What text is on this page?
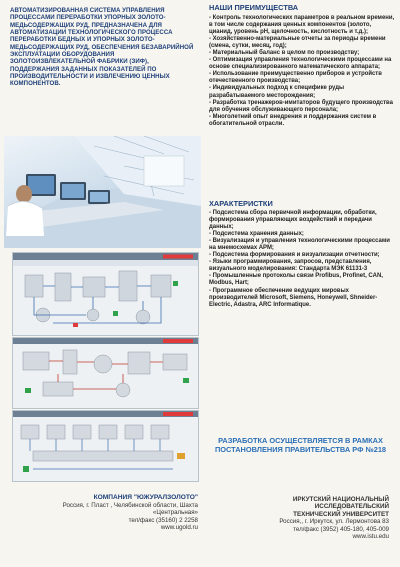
АВТОМАТИЗИРОВАННАЯ СИСТЕМА УПРАВЛЕНИЯ ПРОЦЕССАМИ ПЕРЕРАБОТКИ УПОРНЫХ ЗОЛОТО-МЕДЬСОДЕРЖАЩИХ РУД, ПРЕДНАЗНАЧЕНА ДЛЯ АВТОМАТИЗАЦИИ ТЕХНОЛОГИЧЕСКОГО ПРОЦЕССА ПЕРЕРАБОТКИ БЕДНЫХ И УПОРНЫХ ЗОЛОТО-МЕДЬСОДЕРЖАЩИХ РУД, ОБЕСПЕЧЕНИЯ БЕЗАВАРИЙНОЙ ЭКСПЛУАТАЦИИ ОБОРУДОВАНИЯ ЗОЛОТОИЗВЛЕКАТЕЛЬНОЙ ФАБРИКИ (ЗИФ), ПОДДЕРЖАНИЯ ЗАДАННЫХ ПОКАЗАТЕЛЕЙ ПО ПРОИЗВОДИТЕЛЬНОСТИ И ИЗВЛЕЧЕНИЮ ЦЕННЫХ КОМПОНЕНТОВ.
КОМПАНИЯ "ЮЖУРАЛЗОЛОТО"
Россия, г. Пласт , Челябинской области, Шахта
«Центральная»
тел/факс (35160) 2 2258
www.ugold.ru
НАШИ ПРЕИМУЩЕСТВА
- Контроль технологических параметров в реальном времени, в том числе содержания ценных компонентов (золото, цианид, уровень pH, щелочность, кислотность и т.д.);
- Хозяйственно-материальные отчеты за периоды времени (смена, сутки, месяц, год);
- Материальный баланс в целом по производству;
- Оптимизация управления технологическими процессами на основе специализированного математического аппарата;
- Использование преимущественно приборов и устройств отечественного производства;
- Индивидуальных подход к специфике руды разрабатываемого месторождения;
- Разработка тренажеров-имитаторов будущего производства для обучения обслуживающего персонала;
- Многолетний опыт внедрения и поддержания систем в обогатительной отрасли.
ХАРАКТЕРИСТКИ
- Подсистема сбора первичной информации, обработки, формирования управляющих воздействий и передачи данных;
- Подсистема хранения данных;
- Визуализация и управления технологическими процессами на мнемосхемах АРМ;
- Подсистема формирования и визуализации отчетности;
- Языки программирования, запросов, представления, визуального моделирования: Стандарта МЭК 61131-3
- Промышленные протоколы связи Profibus, Profinet, CAN, Modbus, Hart;
- Программное обеспечение ведущих мировых производителей Microsoft, Siemens, Honeywell, Shneider-Electric, Adastra, ARC Informatique.
РАЗРАБОТКА ОСУЩЕСТВЛЯЕТСЯ В РАМКАХ ПОСТАНОВЛЕНИЯ ПРАВИТЕЛЬСТВА РФ №218
ИРКУТСКИЙ НАЦИОНАЛЬНЫЙ
ИССЛЕДОВАТЕЛЬСКИЙ
ТЕХНИЧЕСКИЙ УНИВЕРСИТЕТ
Россия,, г. Иркутск, ул. Лермонтова 83
тел/факс (3952) 405-180, 405-009
www.istu.edu
